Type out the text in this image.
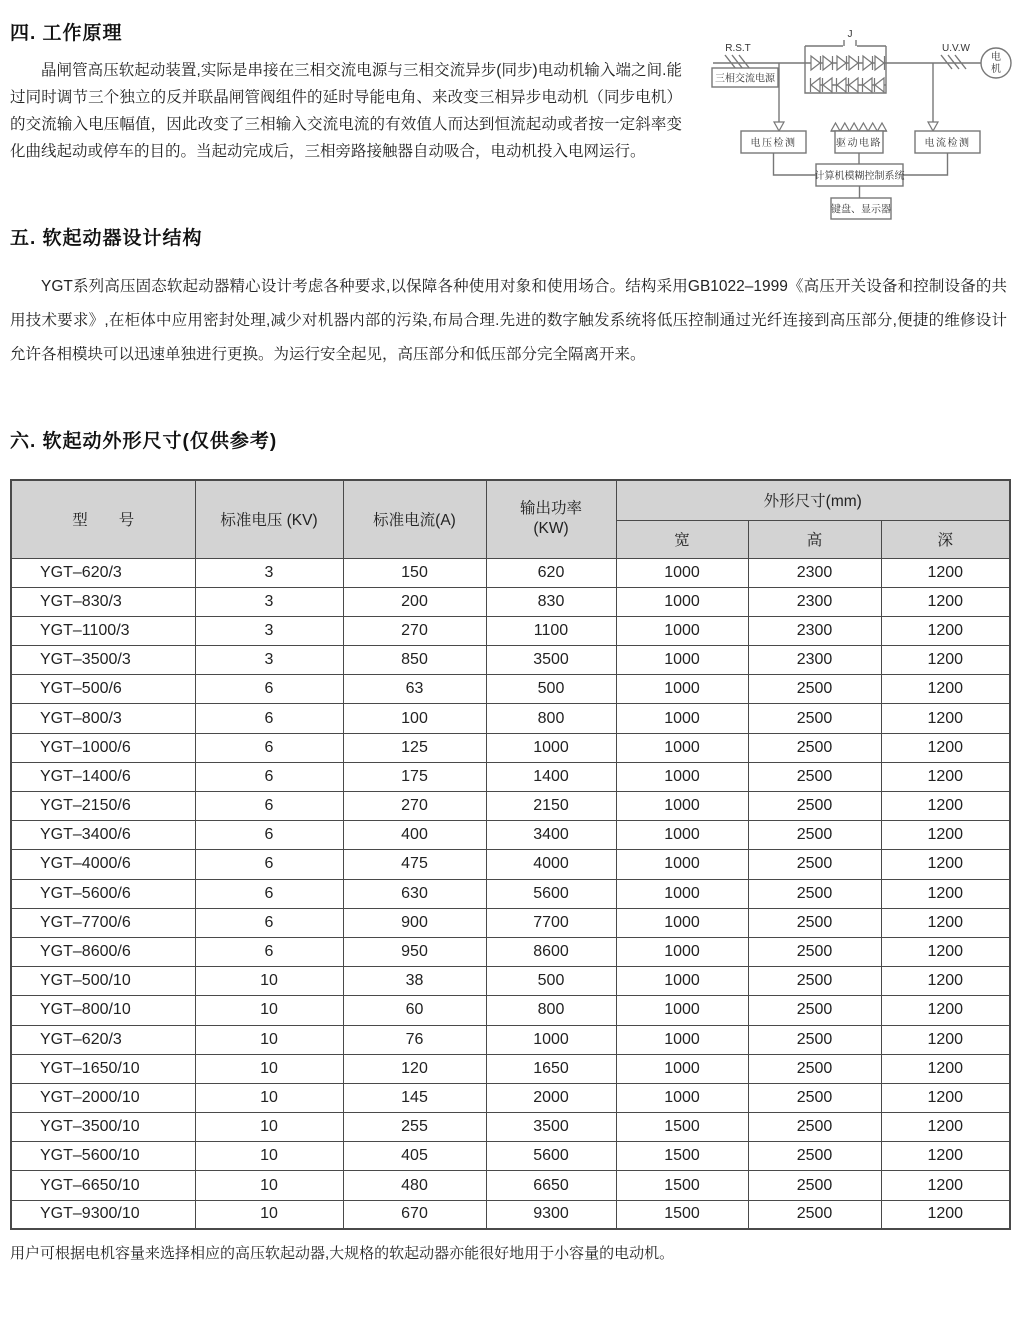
四. 工作原理
晶闸管高压软起动装置,实际是串接在三相交流电源与三相交流异步(同步)电动机输入端之间.能过同时调节三个独立的反并联晶闸管阀组件的延时导能电角、来改变三相异步电动机（同步电机）的交流输入电压幅值，因此改变了三相输入交流电流的有效值人而达到恒流起动或者按一定斜率变化曲线起动或停车的目的。当起动完成后，三相旁路接触器自动吸合，电动机投入电网运行。
R.S.T
三相交流电源
J
U.V.W
电
机
电压检测	驱动电路	电流检测
计算机模糊控制系统
键盘、显示器
五. 软起动器设计结构
YGT系列高压固态软起动器精心设计考虑各种要求,以保障各种使用对象和使用场合。结构采用GB1022–1999《高压开关设备和控制设备的共用技术要求》,在柜体中应用密封处理,减少对机器内部的污染,布局合理.先进的数字触发系统将低压控制通过光纤连接到高压部分,便捷的维修设计允许各相模块可以迅速单独进行更换。为运行安全起见，高压部分和低压部分完全隔离开来。
六. 软起动外形尺寸(仅供参考)
型　　号	标准电压 (KV)	标准电流(A)	输出功率
(KW)	外形尺寸(mm)		
				宽	高	深
YGT–620/3	3	150	620	1000	2300	1200
YGT–830/3	3	200	830	1000	2300	1200
YGT–1100/3	3	270	1100	1000	2300	1200
YGT–3500/3	3	850	3500	1000	2300	1200
YGT–500/6	6	63	500	1000	2500	1200
YGT–800/3	6	100	800	1000	2500	1200
YGT–1000/6	6	125	1000	1000	2500	1200
YGT–1400/6	6	175	1400	1000	2500	1200
YGT–2150/6	6	270	2150	1000	2500	1200
YGT–3400/6	6	400	3400	1000	2500	1200
YGT–4000/6	6	475	4000	1000	2500	1200
YGT–5600/6	6	630	5600	1000	2500	1200
YGT–7700/6	6	900	7700	1000	2500	1200
YGT–8600/6	6	950	8600	1000	2500	1200
YGT–500/10	10	38	500	1000	2500	1200
YGT–800/10	10	60	800	1000	2500	1200
YGT–620/3	10	76	1000	1000	2500	1200
YGT–1650/10	10	120	1650	1000	2500	1200
YGT–2000/10	10	145	2000	1000	2500	1200
YGT–3500/10	10	255	3500	1500	2500	1200
YGT–5600/10	10	405	5600	1500	2500	1200
YGT–6650/10	10	480	6650	1500	2500	1200
YGT–9300/10	10	670	9300	1500	2500	1200
用户可根据电机容量来选择相应的高压软起动器,大规格的软起动器亦能很好地用于小容量的电动机。
